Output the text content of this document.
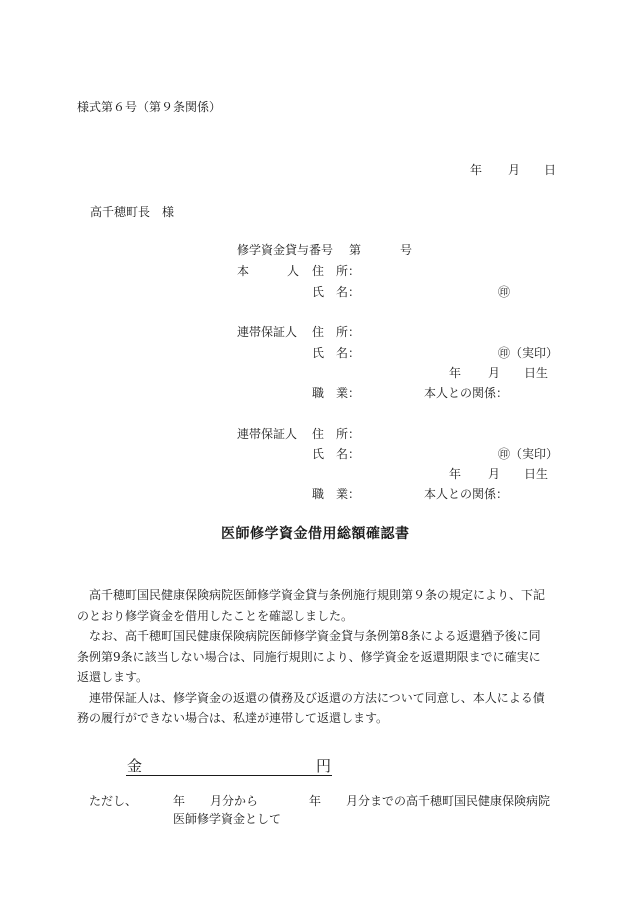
様式第６号（第９条関係）
年 月 日
高千穂町長　様
修学資金貸与番号 第	号
本	人 住　所：
氏　名：	㊞
連帯保証人 住　所：
氏　名：	㊞（実印）
年 月 日生
職　業：	本人との関係：
連帯保証人 住　所：
氏　名：	㊞（実印）
年 月 日生
職　業：	本人との関係：
医師修学資金借用総額確認書
高千穂町国民健康保険病院医師修学資金貸与条例施行規則第９条の規定により、下記
のとおり修学資金を借用したことを確認しました。
なお、高千穂町国民健康保険病院医師修学資金貸与条例第8条による返還猶予後に同
条例第9条に該当しない場合は、同施行規則により、修学資金を返還期限までに確実に
返還します。
連帯保証人は、修学資金の返還の債務及び返還の方法について同意し、本人による債
務の履行ができない場合は、私達が連帯して返還します。
金	円
ただし、	年 月分から	年 月分までの高千穂町国民健康保険病院
医師修学資金として
